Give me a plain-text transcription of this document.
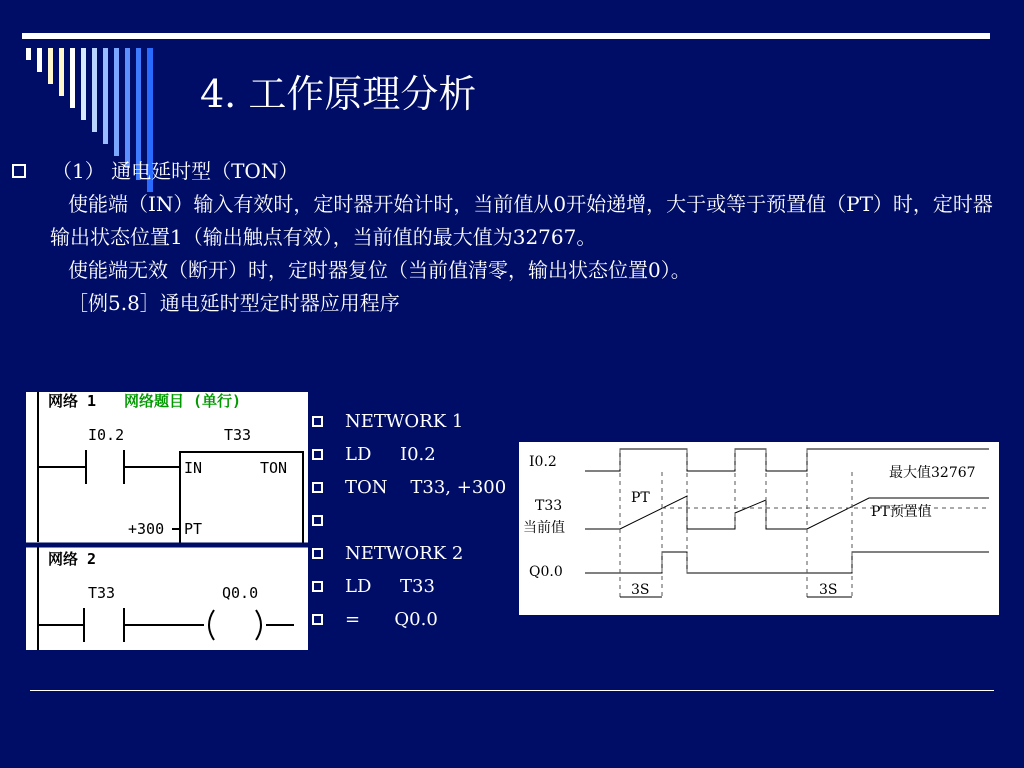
4. 工作原理分析

（1） 通电延时型（TON）

使能端（IN）输入有效时，定时器开始计时，当前值从0开始递增，大于或等于预置值（PT）时，定时器输出状态位置1（输出触点有效），当前值的最大值为32767。

使能端无效（断开）时，定时器复位（当前值清零，输出状态位置0）。

［例5.8］通电延时型定时器应用程序

网络 1 网络题目 (单行)
I0.2	T33
IN	TON
PT
+300
网络 2
T33	Q0.0
NETWORK 1
LD     I0.2
TON    T33, +300
NETWORK 2
LD     T33
=      Q0.0
I0.2
T33
当前值
Q0.0
PT
最大值32767
PT预置值
3S	3S
